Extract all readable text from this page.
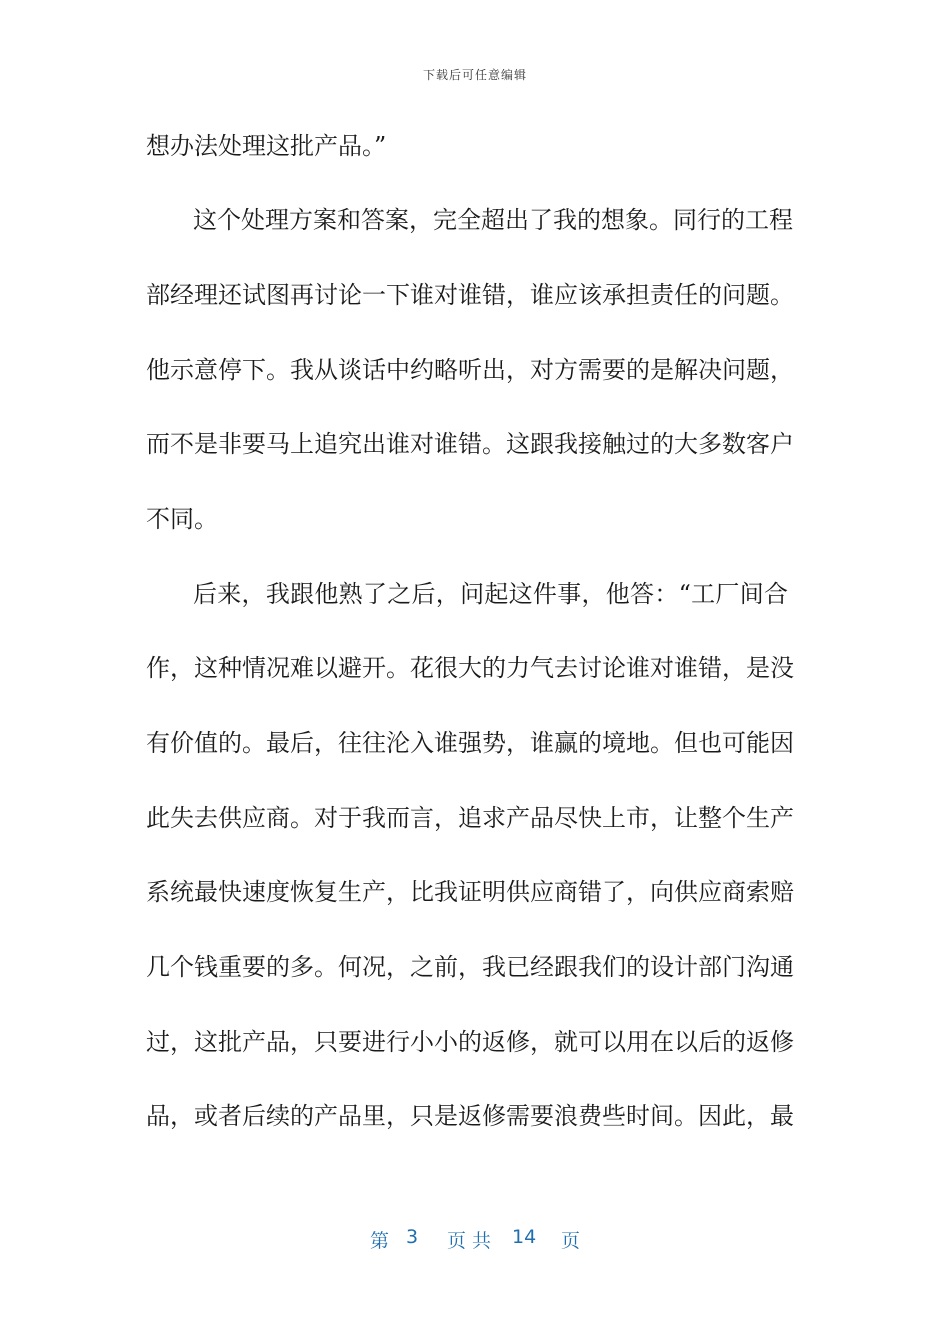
下载后可任意编辑
想办法处理这批产品。”
这个处理方案和答案，完全超出了我的想象。同行的工程
部经理还试图再讨论一下谁对谁错，谁应该承担责任的问题。
他示意停下。我从谈话中约略听出，对方需要的是解决问题，
而不是非要马上追究出谁对谁错。这跟我接触过的大多数客户
不同。
后来，我跟他熟了之后，问起这件事，他答：“工厂间合
作，这种情况难以避开。花很大的力气去讨论谁对谁错，是没
有价值的。最后，往往沦入谁强势，谁赢的境地。但也可能因
此失去供应商。对于我而言，追求产品尽快上市，让整个生产
系统最快速度恢复生产，比我证明供应商错了，向供应商索赔
几个钱重要的多。何况，之前，我已经跟我们的设计部门沟通
过，这批产品，只要进行小小的返修，就可以用在以后的返修
品，或者后续的产品里，只是返修需要浪费些时间。因此，最
第 3 页 共 14 页
